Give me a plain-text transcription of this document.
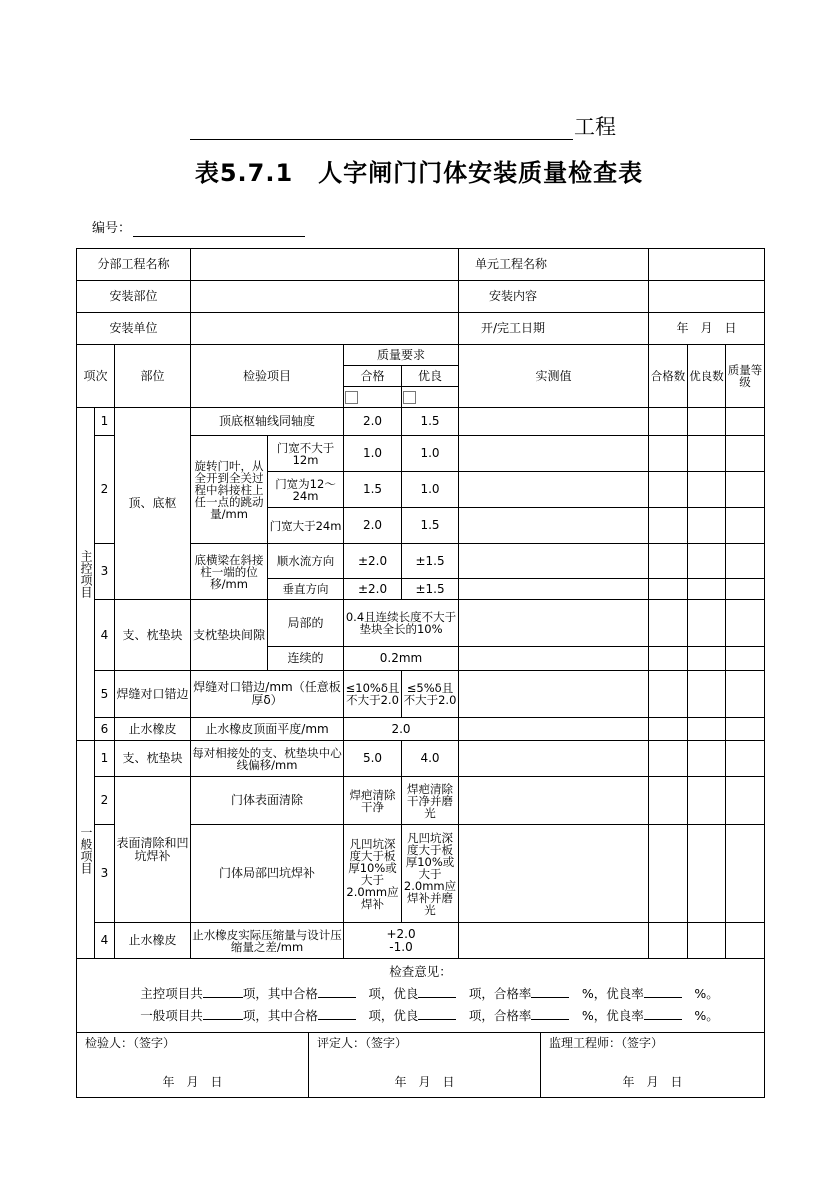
工程
表5.7.1　人字闸门门体安装质量检查表
编号：
分部工程名称		单元工程名称	
安装部位		安装内容	
安装单位		开/完工日期	年　月　日
项次	部位	检验项目	质量要求	实测值	合格数	优良数	质量等级
合格	优良

主控项目	1	顶、底枢	顶底枢轴线同轴度	2.0	1.5				
2	旋转门叶，从全开到全关过程中斜接柱上任一点的跳动量/mm	门宽不大于12m	1.0	1.0				
门宽为12～24m	1.5	1.0				
门宽大于24m	2.0	1.5				
3	底横梁在斜接柱一端的位移/mm	顺水流方向	±2.0	±1.5				
垂直方向	±2.0	±1.5				

4	支、枕垫块	支枕垫块间隙	局部的	0.4且连续长度不大于垫块全长的10%				
连续的	0.2mm				
5	焊缝对口错边	焊缝对口错边/mm（任意板厚δ）	≤10%δ且不大于2.0	≤5%δ且不大于2.0				
6	止水橡皮	止水橡皮顶面平度/mm	2.0				
一般项目	1	支、枕垫块	每对相接处的支、枕垫块中心线偏移/mm	5.0	4.0				
2	表面清除和凹坑焊补	门体表面清除	焊疤清除干净	焊疤清除干净并磨光				
3	门体局部凹坑焊补	凡凹坑深度大于板厚10%或大于2.0mm应焊补	凡凹坑深度大于板厚10%或大于2.0mm应焊补并磨光				
4	止水橡皮	止水橡皮实际压缩量与设计压缩量之差/mm	
+2.0
-1.0

检查意见：
主控项目共	项，其中合格　	项，优良　	项，合格率　	%，优良率　	%。
一般项目共	项，其中合格　	项，优良　	项，合格率　	%，优良率　	%。

检验人：（签字）
年　月　日

评定人：（签字）
年　月　日

监理工程师：（签字）
年　月　日
